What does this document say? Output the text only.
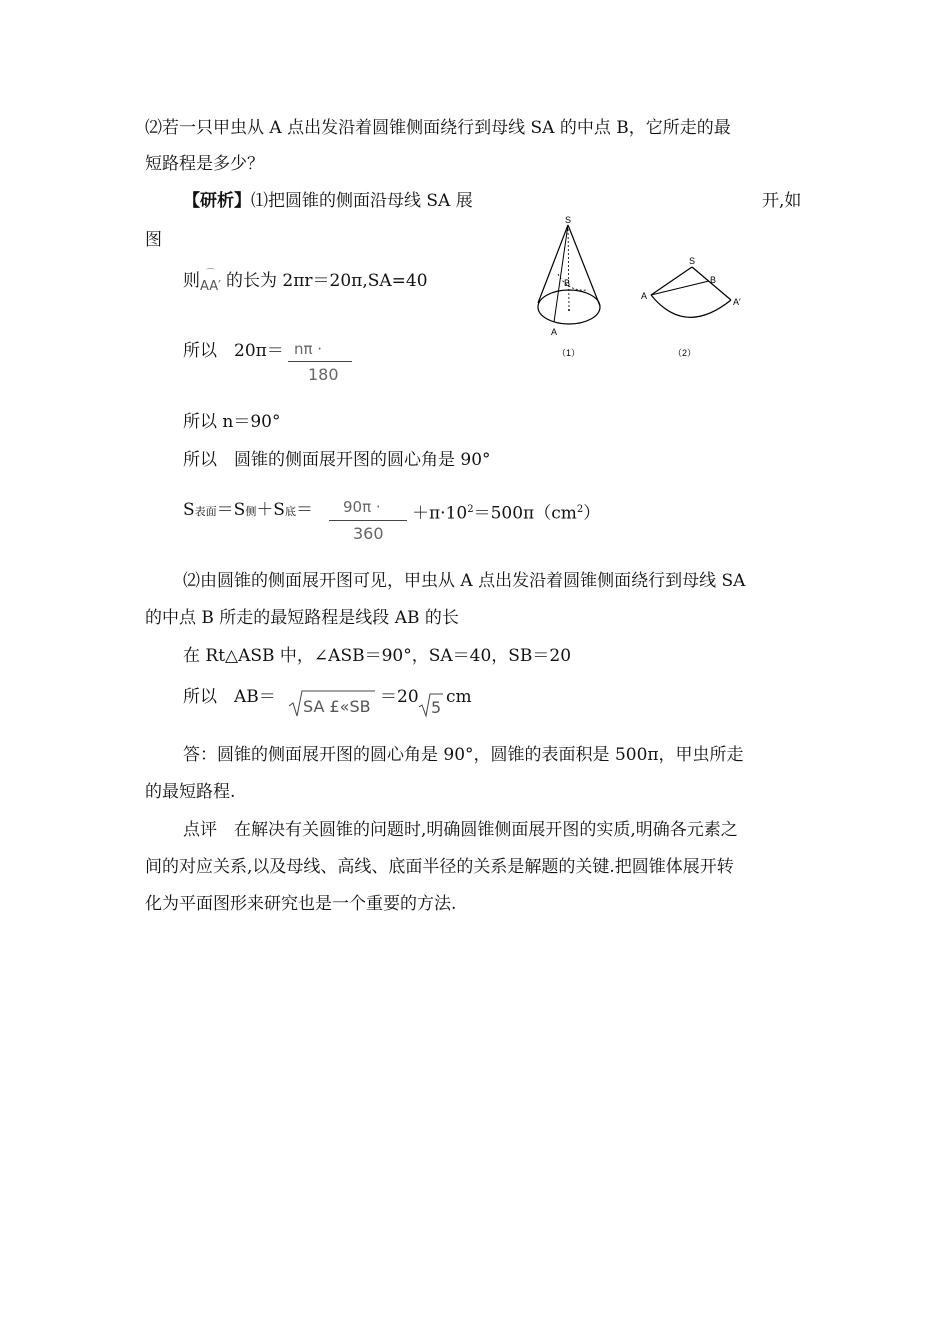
⑵若一只甲虫从 A 点出发沿着圆锥侧面绕行到母线 SA 的中点 B，它所走的最
短路程是多少？
【研析】⑴把圆锥的侧面沿母线 SA 展	开,如
图
则 ⌒
AA′ 的长为 2πr＝20π,SA=40
所以　20π＝ nπ ·
180
所以 n＝90°
所以　圆锥的侧面展开图的圆心角是 90°
S表面＝S侧＋S底＝ 90π ·
360
$+\pi\cdot 10^2=500\pi(cm^2)$
⑵由圆锥的侧面展开图可见，甲虫从 A 点出发沿着圆锥侧面绕行到母线 SA
的中点 B 所走的最短路程是线段 AB 的长
在 Rt△ASB 中，∠ASB＝90°，SA＝40，SB＝20
所以　AB＝ SA £«SB ＝20
5
cm
答：圆锥的侧面展开图的圆心角是 90°，圆锥的表面积是 500π，甲虫所走
的最短路程.
点评　在解决有关圆锥的问题时,明确圆锥侧面展开图的实质,明确各元素之
间的对应关系,以及母线、高线、底面半径的关系是解题的关键.把圆锥体展开转
化为平面图形来研究也是一个重要的方法.
S
B
A
（1）
S
A
B
A′
（2）
